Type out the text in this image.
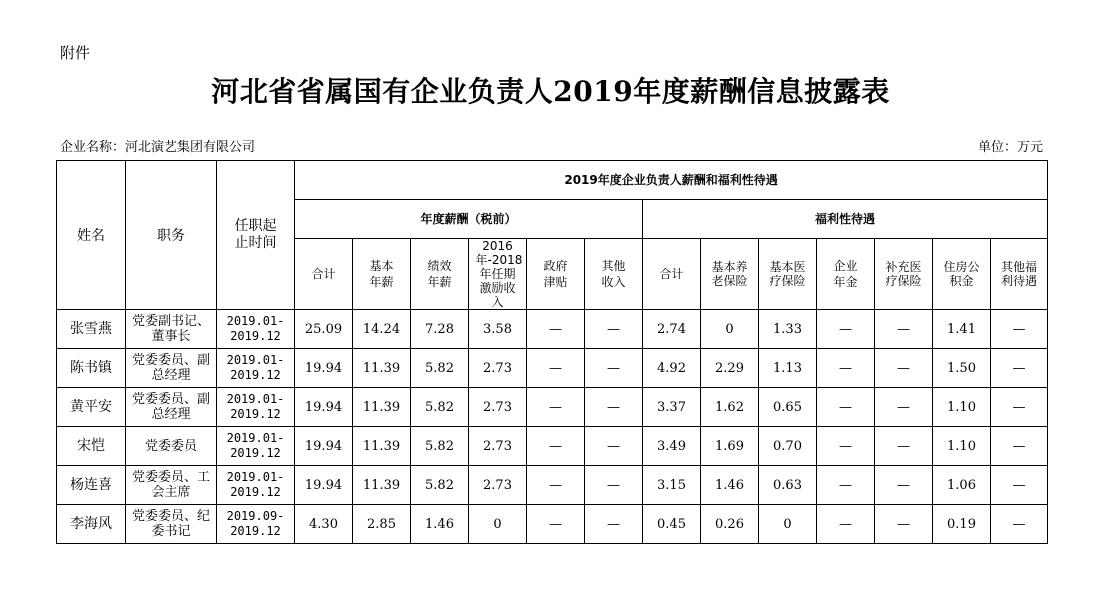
附件
河北省省属国有企业负责人2019年度薪酬信息披露表
企业名称：河北演艺集团有限公司	单位：万元
姓名	职务	任职起止时间	2019年度企业负责人薪酬和福利性待遇												
			年度薪酬（税前）						福利性待遇						

			合计	基本年薪	绩效年薪	2016年-2018年任期激励收入	政府津贴	其他收入	合计	基本养老保险	基本医疗保险	企业年金	补充医疗保险	住房公积金	其他福利待遇

张雪燕	党委副书记、董事长	2019.01-2019.12	25.09	14.24	7.28	3.58	—	—	2.74	0	1.33	—	—	1.41	—
陈书镇	党委委员、副总经理	2019.01-2019.12	19.94	11.39	5.82	2.73	—	—	4.92	2.29	1.13	—	—	1.50	—
黄平安	党委委员、副总经理	2019.01-2019.12	19.94	11.39	5.82	2.73	—	—	3.37	1.62	0.65	—	—	1.10	—
宋恺	党委委员	2019.01-2019.12	19.94	11.39	5.82	2.73	—	—	3.49	1.69	0.70	—	—	1.10	—
杨连喜	党委委员、工会主席	2019.01-2019.12	19.94	11.39	5.82	2.73	—	—	3.15	1.46	0.63	—	—	1.06	—
李海风	党委委员、纪委书记	2019.09-2019.12	4.30	2.85	1.46	0	—	—	0.45	0.26	0	—	—	0.19	—
